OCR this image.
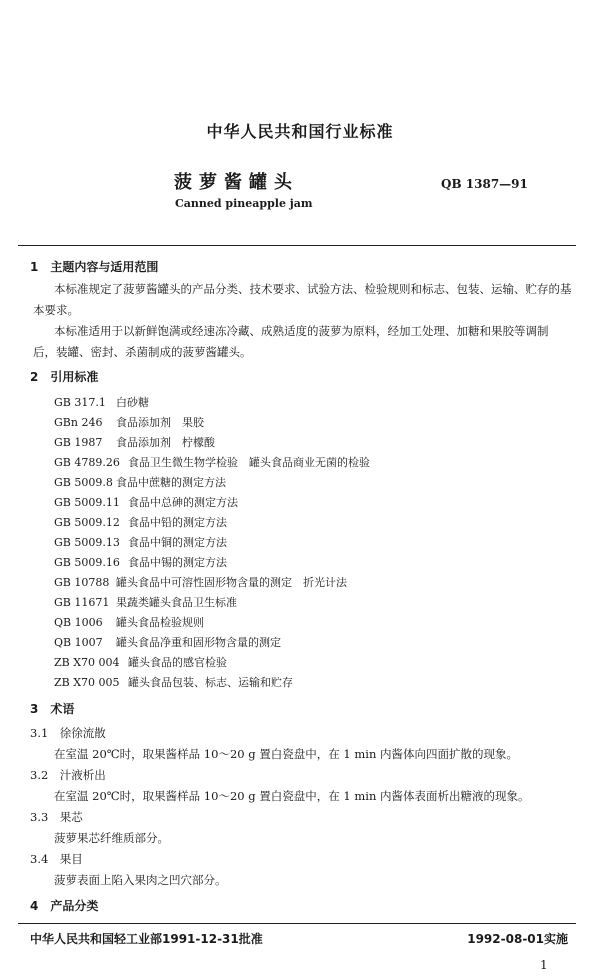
中华人民共和国行业标准
菠萝酱罐头	QB 1387—91
Canned pineapple jam
1　主题内容与适用范围
本标准规定了菠萝酱罐头的产品分类、技术要求、试验方法、检验规则和标志、包装、运输、贮存的基
本要求。
本标准适用于以新鲜饱满或经速冻冷藏、成熟适度的菠萝为原料，经加工处理、加糖和果胶等调制
后，装罐、密封、杀菌制成的菠萝酱罐头。
2　引用标准
GB 317.1 白砂糖
GBn 246 食品添加剂　果胶
GB 1987 食品添加剂　柠檬酸
GB 4789.26 食品卫生微生物学检验　罐头食品商业无菌的检验
GB 5009.8 食品中蔗糖的测定方法
GB 5009.11 食品中总砷的测定方法
GB 5009.12 食品中铅的测定方法
GB 5009.13 食品中铜的测定方法
GB 5009.16 食品中锡的测定方法
GB 10788 罐头食品中可溶性固形物含量的测定　折光计法
GB 11671 果蔬类罐头食品卫生标准
QB 1006 罐头食品检验规则
QB 1007 罐头食品净重和固形物含量的测定
ZB X70 004 罐头食品的感官检验
ZB X70 005 罐头食品包装、标志、运输和贮存
3　术语
3.1　 徐徐流散
在室温 20℃时，取果酱样品 10～20 g 置白瓷盘中，在 1 min 内酱体向四面扩散的现象。
3.2　 汁液析出
在室温 20℃时，取果酱样品 10～20 g 置白瓷盘中，在 1 min 内酱体表面析出糖液的现象。
3.3　 果芯
菠萝果芯纤维质部分。
3.4　 果目
菠萝表面上陷入果肉之凹穴部分。
4　产品分类
中华人民共和国轻工业部1991-12-31批准	1992-08-01实施
1
